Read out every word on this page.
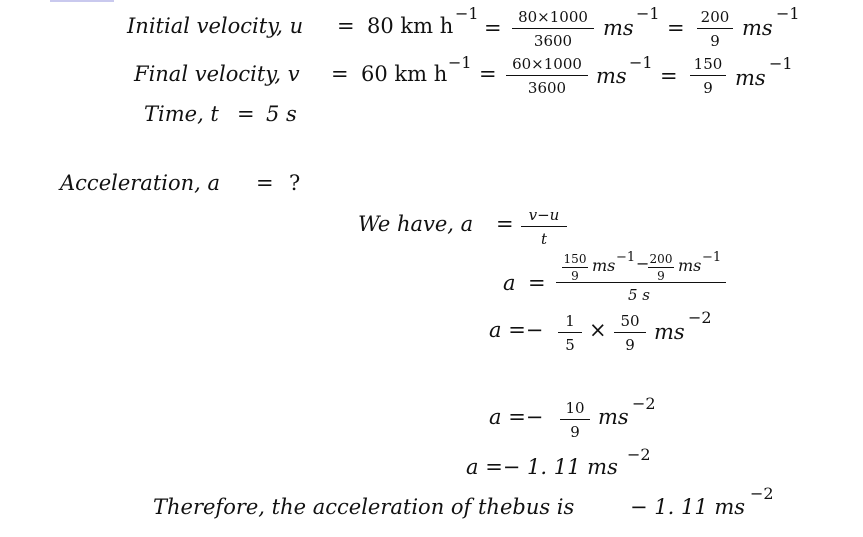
Initial velocity, u = 80 km h
−1
=	80×1000
3600
ms
−1
= 200
9
ms
−1
Final velocity, v = 60 km h −1 =	60×1000
3600	ms
−1
= 150
9	ms
−1
Time, t = 5 s
Acceleration, a = ?
We have, a =	v−u
t
a =
150
9
ms −1 − 200
9
ms −1
5 s
a =−	1
5
× 50
9
ms
−2
a =−	10
9
ms
−2
a =− 1. 11 ms
−2
Therefore, the acceleration of thebus is	− 1. 11 ms
−2
